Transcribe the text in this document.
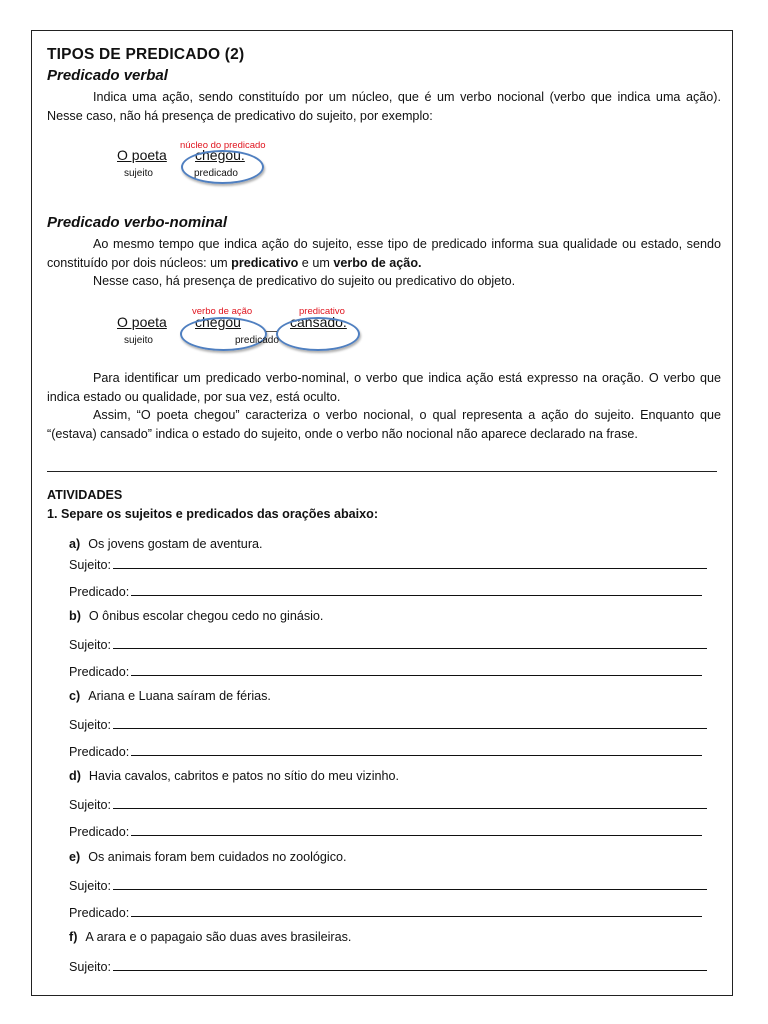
TIPOS DE PREDICADO (2)
Predicado verbal

Indica uma ação, sendo constituído por um núcleo, que é um verbo nocional (verbo que indica uma ação). Nesse caso, não há presença de predicativo do sujeito, por exemplo:

núcleo do predicado
O poeta chegou.
sujeito	predicado
Predicado verbo-nominal

Ao mesmo tempo que indica ação do sujeito, esse tipo de predicado informa sua qualidade ou estado, sendo constituído por dois núcleos: um predicativo e um verbo de ação.

Nesse caso, há presença de predicativo do sujeito ou predicativo do objeto.

verbo de ação	predicativo
O poeta chegou	cansado.
sujeito	predicado

Para identificar um predicado verbo-nominal, o verbo que indica ação está expresso na oração. O verbo que indica estado ou qualidade, por sua vez, está oculto.

Assim, “O poeta chegou” caracteriza o verbo nocional, o qual representa a ação do sujeito. Enquanto que “(estava) cansado” indica o estado do sujeito, onde o verbo não nocional não aparece declarado na frase.

ATIVIDADES
1. Separe os sujeitos e predicados das orações abaixo:
a) Os jovens gostam de aventura.
Sujeito:
Predicado:
b) O ônibus escolar chegou cedo no ginásio.
Sujeito:
Predicado:
c) Ariana e Luana saíram de férias.
Sujeito:
Predicado:
d) Havia cavalos, cabritos e patos no sítio do meu vizinho.
Sujeito:
Predicado:
e) Os animais foram bem cuidados no zoológico.
Sujeito:
Predicado:
f) A arara e o papagaio são duas aves brasileiras.
Sujeito:
